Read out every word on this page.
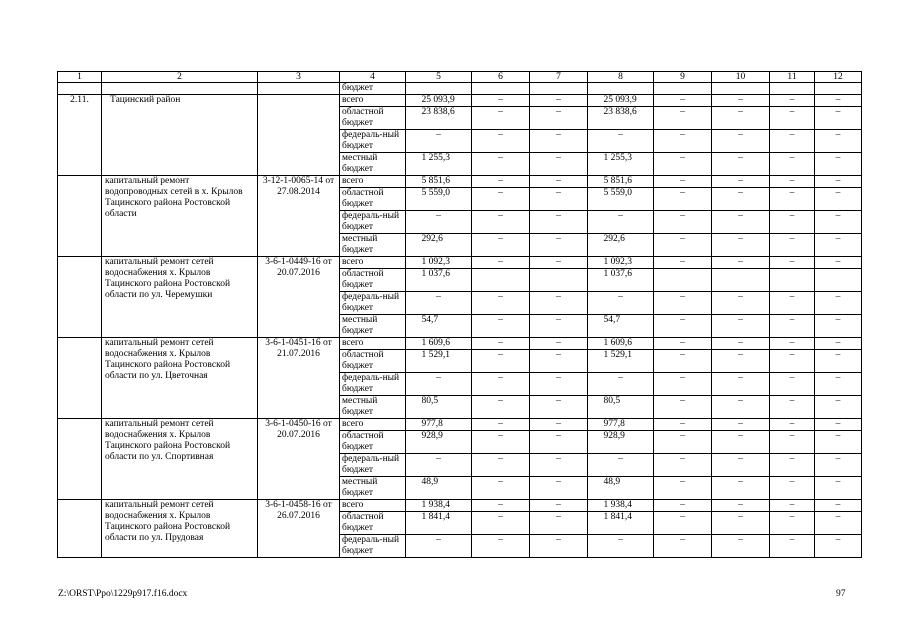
1	2	3	4	5	6	7	8	9	10	11	12
			бюджет								
2.11.	Тацинский район		всего	25 093,9	–	–	25 093,9	–	–	–	–
			областной бюджет	23 838,6	–	–	23 838,6	–	–	–	–
			федераль-ный бюджет	–	–	–	–	–	–	–	–
			местный бюджет	1 255,3	–	–	1 255,3	–	–	–	–
	капитальный ремонт водопроводных сетей в х. Крылов Тацинского района Ростовской области	3-12-1-0065-14 от 27.08.2014	всего	5 851,6	–	–	5 851,6	–	–	–	–
			областной бюджет	5 559,0	–	–	5 559,0	–	–	–	–
			федераль-ный бюджет	–	–	–	–	–	–	–	–
			местный бюджет	292,6	–	–	292,6	–	–	–	–
	капитальный ремонт сетей водоснабжения х. Крылов Тацинского района Ростовской области по ул. Черемушки	3-6-1-0449-16 от 20.07.2016	всего	1 092,3	–	–	1 092,3	–	–	–	–
			областной бюджет	1 037,6			1 037,6				
			федераль-ный бюджет	–	–	–	–	–	–	–	–
			местный бюджет	54,7	–	–	54,7	–	–	–	–
	капитальный ремонт сетей водоснабжения х. Крылов Тацинского района Ростовской области по ул. Цветочная	3-6-1-0451-16 от 21.07.2016	всего	1 609,6	–	–	1 609,6	–	–	–	–
			областной бюджет	1 529,1	–	–	1 529,1	–	–	–	–
			федераль-ный бюджет	–	–	–	–	–	–	–	–
			местный бюджет	80,5	–	–	80,5	–	–	–	–
	капитальный ремонт сетей водоснабжения х. Крылов Тацинского района Ростовской области по ул. Спортивная	3-6-1-0450-16 от 20.07.2016	всего	977,8	–	–	977,8	–	–	–	–
			областной бюджет	928,9	–	–	928,9	–	–	–	–
			федераль-ный бюджет	–	–	–	–	–	–	–	–
			местный бюджет	48,9	–	–	48,9	–	–	–	–
	капитальный ремонт сетей водоснабжения х. Крылов Тацинского района Ростовской области по ул. Прудовая	3-6-1-0458-16 от 26.07.2016	всего	1 938,4	–	–	1 938,4	–	–	–	–
			областной бюджет	1 841,4	–	–	1 841,4	–	–	–	–
			федераль-ный бюджет	–	–	–	–	–	–	–	–
Z:\ORST\Ppo\1229p917.f16.docx	97
